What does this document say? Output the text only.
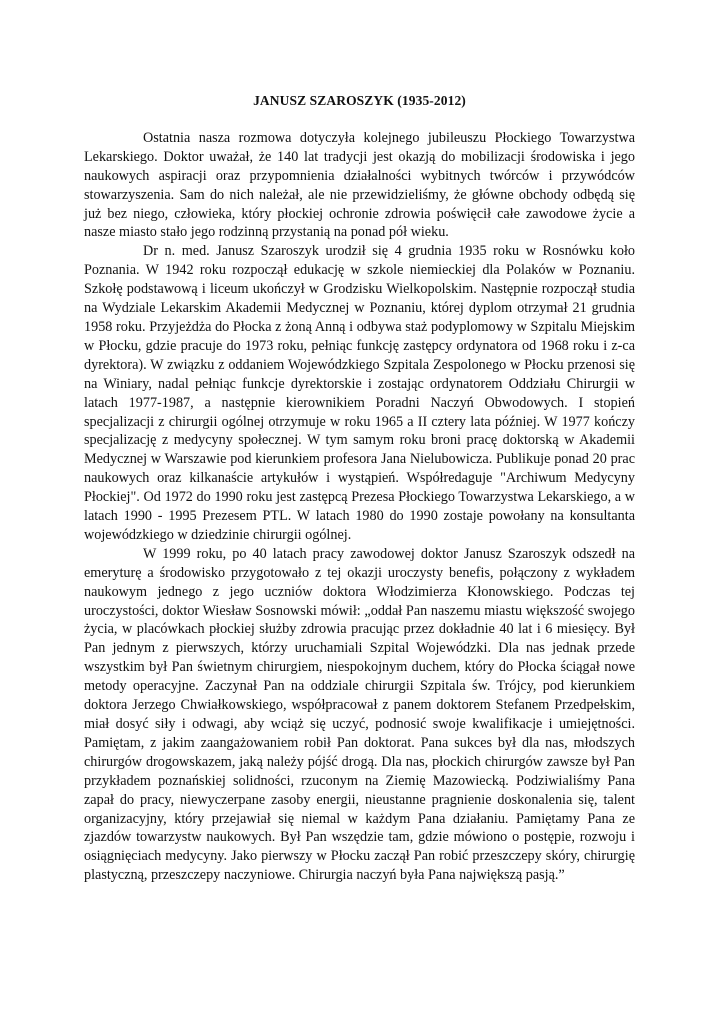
JANUSZ SZAROSZYK (1935-2012)

Ostatnia nasza rozmowa dotyczyła kolejnego jubileuszu Płockiego Towarzystwa Lekarskiego. Doktor uważał, że 140 lat tradycji jest okazją do mobilizacji środowiska i jego naukowych aspiracji oraz przypomnienia działalności wybitnych twórców i przywódców stowarzyszenia. Sam do nich należał, ale nie przewidzieliśmy, że główne obchody odbędą się już bez niego, człowieka, który płockiej ochronie zdrowia poświęcił całe zawodowe życie a nasze miasto stało jego rodzinną przystanią na ponad pół wieku.

Dr n. med. Janusz Szaroszyk urodził się 4 grudnia 1935 roku w Rosnówku koło Poznania. W 1942 roku rozpoczął edukację w szkole niemieckiej dla Polaków w Poznaniu. Szkołę podstawową i liceum ukończył w Grodzisku Wielkopolskim. Następnie rozpoczął studia na Wydziale Lekarskim Akademii Medycznej w Poznaniu, której dyplom otrzymał 21 grudnia 1958 roku. Przyjeżdża do Płocka z żoną Anną i odbywa staż podyplomowy w Szpitalu Miejskim w Płocku, gdzie pracuje do 1973 roku, pełniąc funkcję zastępcy ordynatora od 1968 roku i z-ca dyrektora). W związku z oddaniem Wojewódzkiego Szpitala Zespolonego w Płocku przenosi się na Winiary, nadal pełniąc funkcje dyrektorskie i zostając ordynatorem Oddziału Chirurgii w latach 1977-1987, a następnie kierownikiem Poradni Naczyń Obwodowych. I stopień specjalizacji z chirurgii ogólnej otrzymuje w roku 1965 a II cztery lata później. W 1977 kończy specjalizację z medycyny społecznej. W tym samym roku broni pracę doktorską w Akademii Medycznej w Warszawie pod kierunkiem profesora Jana Nielubowicza. Publikuje ponad 20 prac naukowych oraz kilkanaście artykułów i wystąpień. Współredaguje "Archiwum Medycyny Płockiej". Od 1972 do 1990 roku jest zastępcą Prezesa Płockiego Towarzystwa Lekarskiego, a w latach 1990 - 1995 Prezesem PTL. W latach 1980 do 1990 zostaje powołany na konsultanta wojewódzkiego w dziedzinie chirurgii ogólnej.

W 1999 roku, po 40 latach pracy zawodowej doktor Janusz Szaroszyk odszedł na emeryturę a środowisko przygotowało z tej okazji uroczysty benefis, połączony z wykładem naukowym jednego z jego uczniów doktora Włodzimierza Kłonowskiego. Podczas tej uroczystości, doktor Wiesław Sosnowski mówił: „oddał Pan naszemu miastu większość swojego życia, w placówkach płockiej służby zdrowia pracując przez dokładnie 40 lat i 6 miesięcy. Był Pan jednym z pierwszych, którzy uruchamiali Szpital Wojewódzki. Dla nas jednak przede wszystkim był Pan świetnym chirurgiem, niespokojnym duchem, który do Płocka ściągał nowe metody operacyjne. Zaczynał Pan na oddziale chirurgii Szpitala św. Trójcy, pod kierunkiem doktora Jerzego Chwiałkowskiego, współpracował z panem doktorem Stefanem Przedpełskim, miał dosyć siły i odwagi, aby wciąż się uczyć, podnosić swoje kwalifikacje i umiejętności. Pamiętam, z jakim zaangażowaniem robił Pan doktorat. Pana sukces był dla nas, młodszych chirurgów drogowskazem, jaką należy pójść drogą. Dla nas, płockich chirurgów zawsze był Pan przykładem poznańskiej solidności, rzuconym na Ziemię Mazowiecką. Podziwialiśmy Pana zapał do pracy, niewyczerpane zasoby energii, nieustanne pragnienie doskonalenia się, talent organizacyjny, który przejawiał się niemal w każdym Pana działaniu. Pamiętamy Pana ze zjazdów towarzystw naukowych. Był Pan wszędzie tam, gdzie mówiono o postępie, rozwoju i osiągnięciach medycyny. Jako pierwszy w Płocku zaczął Pan robić przeszczepy skóry, chirurgię plastyczną, przeszczepy naczyniowe. Chirurgia naczyń była Pana największą pasją.”
